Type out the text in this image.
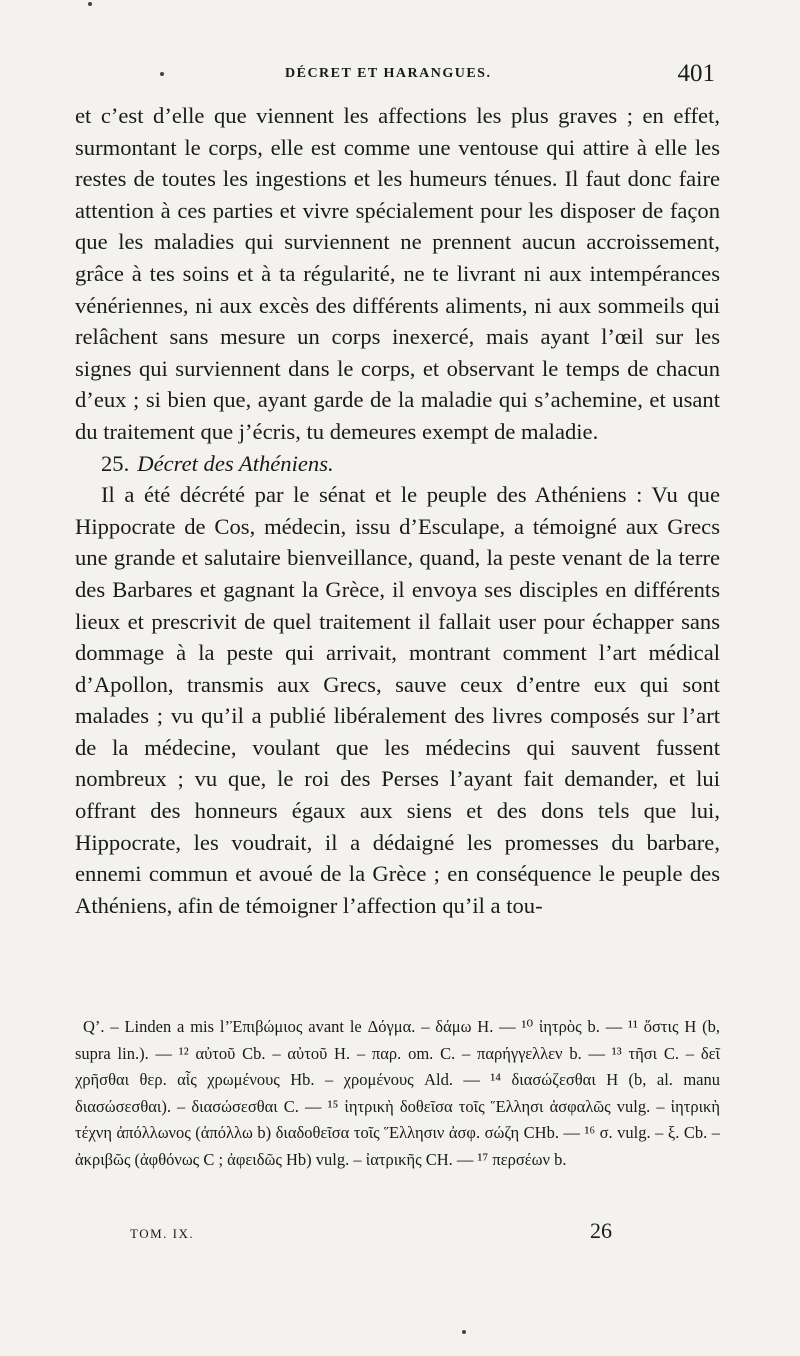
DÉCRET ET HARANGUES.	401

et c’est d’elle que viennent les affections les plus graves ; en effet, surmontant le corps, elle est comme une ventouse qui attire à elle les restes de toutes les ingestions et les humeurs ténues. Il faut donc faire attention à ces parties et vivre spécialement pour les disposer de façon que les maladies qui surviennent ne prennent aucun accroissement, grâce à tes soins et à ta régularité, ne te livrant ni aux intempérances vénériennes, ni aux excès des différents aliments, ni aux sommeils qui relâchent sans mesure un corps inexercé, mais ayant l’œil sur les signes qui surviennent dans le corps, et observant le temps de chacun d’eux ; si bien que, ayant garde de la maladie qui s’achemine, et usant du traitement que j’écris, tu demeures exempt de maladie.

25. Décret des Athéniens.

Il a été décrété par le sénat et le peuple des Athéniens : Vu que Hippocrate de Cos, médecin, issu d’Esculape, a témoigné aux Grecs une grande et salutaire bienveillance, quand, la peste venant de la terre des Barbares et gagnant la Grèce, il envoya ses disciples en différents lieux et prescrivit de quel traitement il fallait user pour échapper sans dommage à la peste qui arrivait, montrant comment l’art médical d’Apollon, transmis aux Grecs, sauve ceux d’entre eux qui sont malades ; vu qu’il a publié libéralement des livres composés sur l’art de la médecine, voulant que les médecins qui sauvent fussent nombreux ; vu que, le roi des Perses l’ayant fait demander, et lui offrant des honneurs égaux aux siens et des dons tels que lui, Hippocrate, les voudrait, il a dédaigné les promesses du barbare, ennemi commun et avoué de la Grèce ; en conséquence le peuple des Athéniens, afin de témoigner l’affection qu’il a tou-

Q’. – Linden a mis l’Ἐπιβώμιος avant le Δόγμα. – δάμω H. — ¹⁰ ἰητρὸς b. — ¹¹ ὅστις H (b, supra lin.). — ¹² αὐτοῦ Cb. – αὐτοῦ H. – παρ. om. C. – παρήγγελλεν b. — ¹³ τῆσι C. – δεῖ χρῆσθαι θερ. αἷς χρωμένους Hb. – χρομένους Ald. — ¹⁴ διασώζεσθαι H (b, al. manu διασώσεσθαι). – διασώσεσθαι C. — ¹⁵ ἰητρικὴ δοθεῖσα τοῖς Ἕλλησι ἀσφαλῶς vulg. – ἰητρικὴ τέχνη ἀπόλλωνος (ἀπόλλω b) διαδοθεῖσα τοῖς Ἕλλησιν ἀσφ. σώζη CHb. — ¹⁶ σ. vulg. – ξ. Cb. – ἀκριβῶς (ἀφθόνως C ; ἀφειδῶς Hb) vulg. – ἰατρικῆς CH. — ¹⁷ περσέων b.

TOM. IX.	26
